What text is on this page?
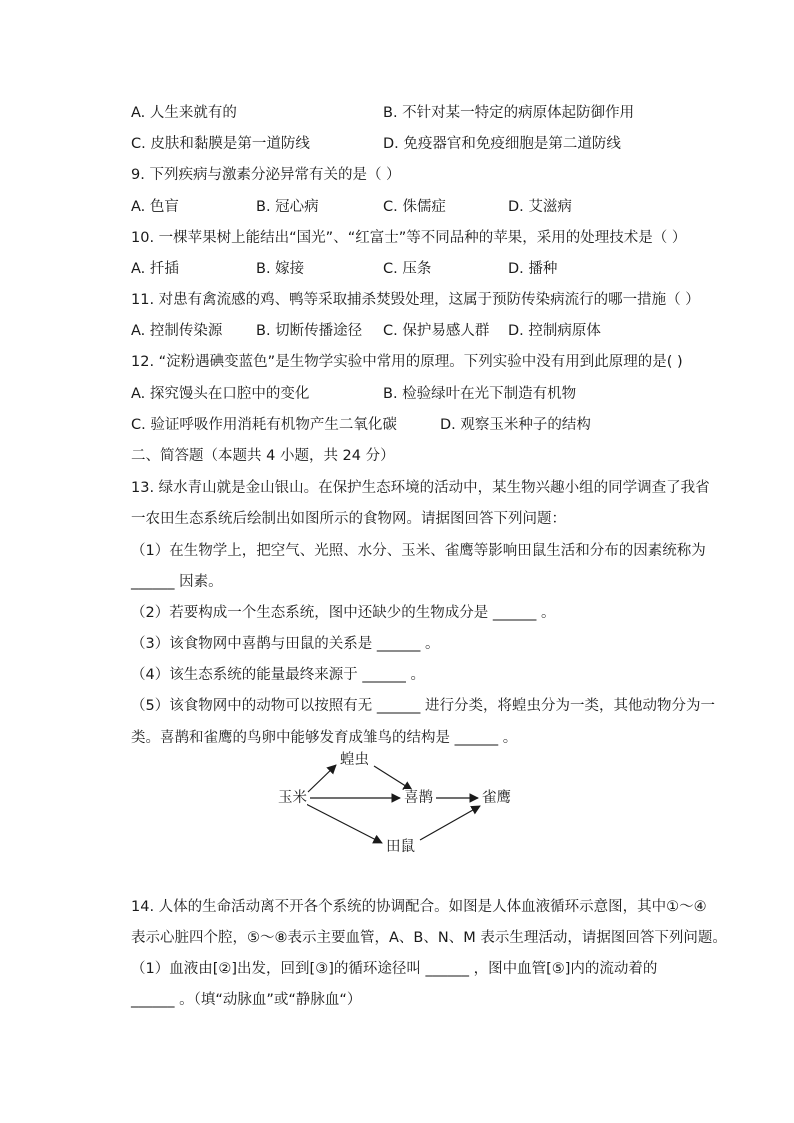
A. 人生来就有的	B. 不针对某一特定的病原体起防御作用
C. 皮肤和黏膜是第一道防线	D. 免疫器官和免疫细胞是第二道防线
9. 下列疾病与激素分泌异常有关的是（ ）
A. 色盲	B. 冠心病	C. 侏儒症	D. 艾滋病
10. 一棵苹果树上能结出“国光”、“红富士”等不同品种的苹果，采用的处理技术是（ ）
A. 扦插	B. 嫁接	C. 压条	D. 播种
11. 对患有禽流感的鸡、鸭等采取捕杀焚毁处理，这属于预防传染病流行的哪一措施（ ）
A. 控制传染源 B. 切断传播途径 C. 保护易感人群 D. 控制病原体
12. “淀粉遇碘变蓝色”是生物学实验中常用的原理。下列实验中没有用到此原理的是( )
A. 探究馒头在口腔中的变化	B. 检验绿叶在光下制造有机物
C. 验证呼吸作用消耗有机物产生二氧化碳	D. 观察玉米种子的结构
二、简答题（本题共 4 小题，共 24 分）
13. 绿水青山就是金山银山。在保护生态环境的活动中，某生物兴趣小组的同学调查了我省
一农田生态系统后绘制出如图所示的食物网。请据图回答下列问题：
（1）在生物学上，把空气、光照、水分、玉米、雀鹰等影响田鼠生活和分布的因素统称为
______ 因素。
（2）若要构成一个生态系统，图中还缺少的生物成分是 ______ 。
（3）该食物网中喜鹊与田鼠的关系是 ______ 。
（4）该生态系统的能量最终来源于 ______ 。
（5）该食物网中的动物可以按照有无 ______ 进行分类，将蝗虫分为一类，其他动物分为一
类。喜鹊和雀鹰的鸟卵中能够发育成雏鸟的结构是 ______ 。
玉米
蝗虫
喜鹊	雀鹰
田鼠
14. 人体的生命活动离不开各个系统的协调配合。如图是人体血液循环示意图，其中①～④
表示心脏四个腔，⑤～⑧表示主要血管，A、B、N、M 表示生理活动，请据图回答下列问题。
（1）血液由[②]出发，回到[③]的循环途径叫 ______ ，图中血管[⑤]内的流动着的
______ 。（填“动脉血”或“静脉血“）
